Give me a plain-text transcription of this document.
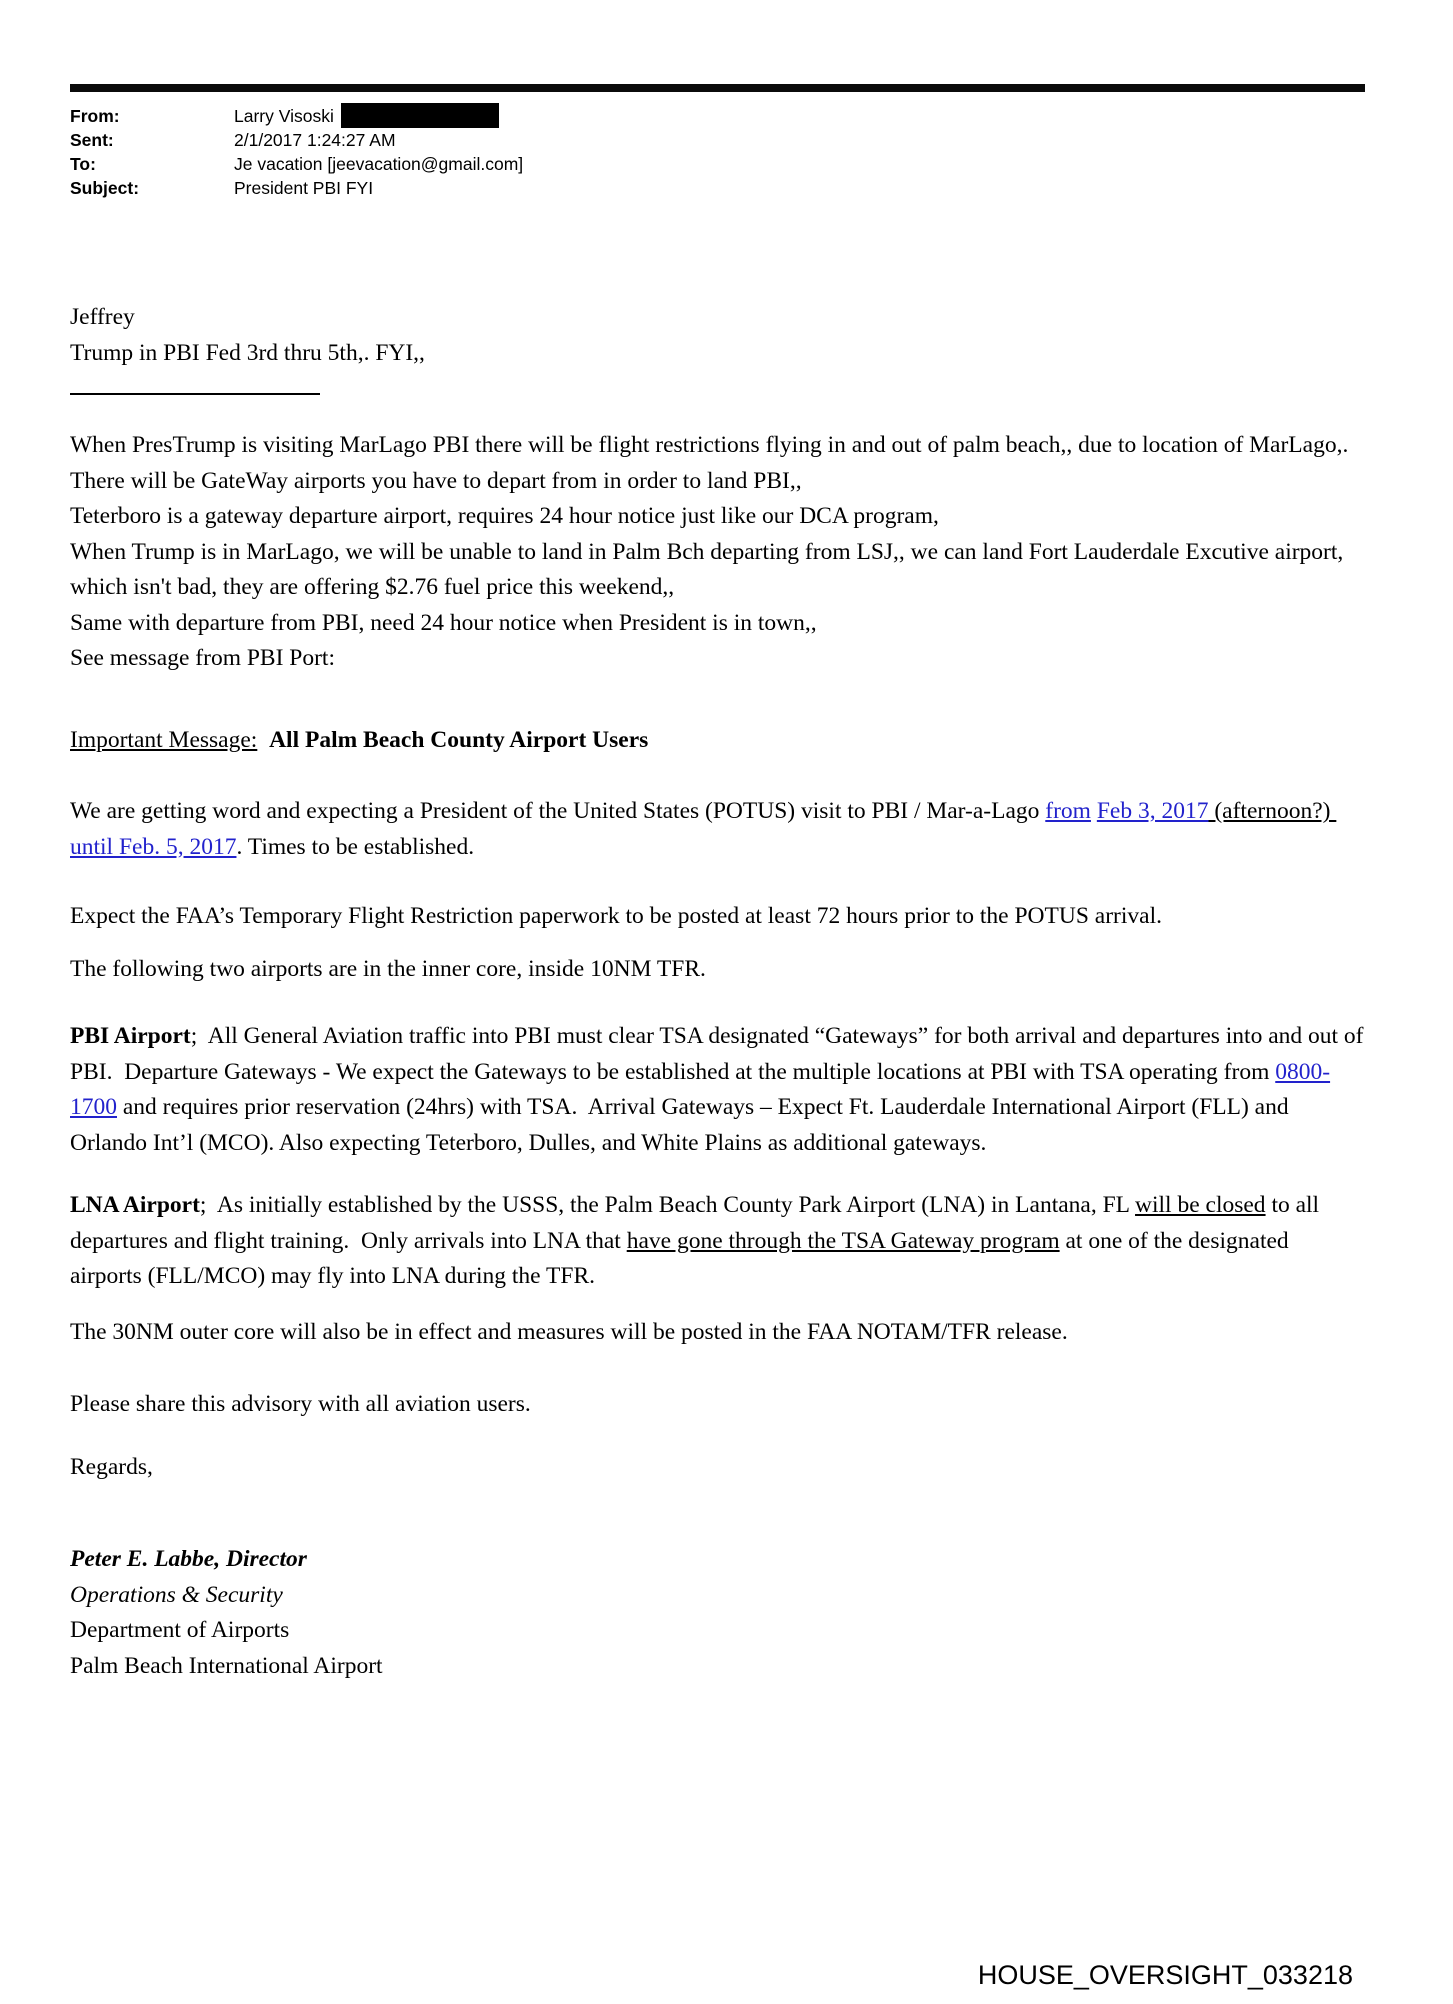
From:	Larry Visoski
Sent:	2/1/2017 1:24:27 AM
To:	Je vacation [jeevacation@gmail.com]
Subject:	President PBI FYI
Jeffrey
Trump in PBI Fed 3rd thru 5th,. FYI,,
When PresTrump is visiting MarLago PBI there will be flight restrictions flying in and out of palm beach,, due to location of MarLago,.
There will be GateWay airports you have to depart from in order to land PBI,,
Teterboro is a gateway departure airport, requires 24 hour notice just like our DCA program,
When Trump is in MarLago, we will be unable to land in Palm Bch departing from LSJ,, we can land Fort Lauderdale Excutive airport, which isn't bad, they are offering $2.76 fuel price this weekend,,
Same with departure from PBI, need 24 hour notice when President is in town,,
See message from PBI Port:
Important Message: All Palm Beach County Airport Users
We are getting word and expecting a President of the United States (POTUS) visit to PBI / Mar-a-Lago from Feb 3, 2017 (afternoon?) until Feb. 5, 2017. Times to be established.
Expect the FAA’s Temporary Flight Restriction paperwork to be posted at least 72 hours prior to the POTUS arrival.
The following two airports are in the inner core, inside 10NM TFR.
PBI Airport;  All General Aviation traffic into PBI must clear TSA designated “Gateways” for both arrival and departures into and out of PBI.  Departure Gateways - We expect the Gateways to be established at the multiple locations at PBI with TSA operating from 0800-1700 and requires prior reservation (24hrs) with TSA.  Arrival Gateways – Expect Ft. Lauderdale International Airport (FLL) and Orlando Int’l (MCO). Also expecting Teterboro, Dulles, and White Plains as additional gateways.
LNA Airport;  As initially established by the USSS, the Palm Beach County Park Airport (LNA) in Lantana, FL will be closed to all departures and flight training.  Only arrivals into LNA that have gone through the TSA Gateway program at one of the designated airports (FLL/MCO) may fly into LNA during the TFR.
The 30NM outer core will also be in effect and measures will be posted in the FAA NOTAM/TFR release.
Please share this advisory with all aviation users.
Regards,
Peter E. Labbe, Director
Operations & Security
Department of Airports
Palm Beach International Airport
HOUSE_OVERSIGHT_033218
